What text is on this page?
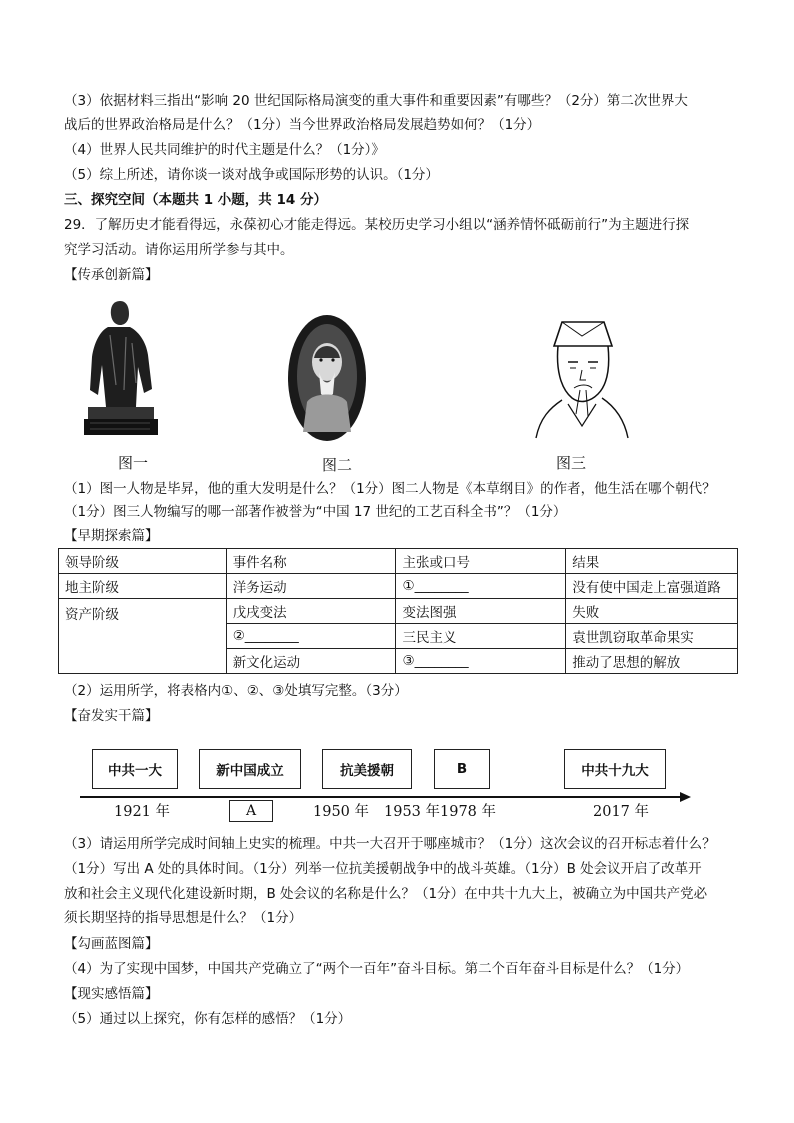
（3）依据材料三指出“影响 20 世纪国际格局演变的重大事件和重要因素”有哪些？（2分）第二次世界大
战后的世界政治格局是什么？（1分）当今世界政治格局发展趋势如何？（1分）
（4）世界人民共同维护的时代主题是什么？（1分）》
（5）综上所述，请你谈一谈对战争或国际形势的认识。（1分）
三、探究空间（本题共 1 小题，共 14 分）
29．了解历史才能看得远，永葆初心才能走得远。某校历史学习小组以“涵养情怀砥砺前行”为主题进行探
究学习活动。请你运用所学参与其中。
【传承创新篇】
图一	图二	图三
（1）图一人物是毕昇，他的重大发明是什么？（1分）图二人物是《本草纲目》的作者，他生活在哪个朝代？
（1分）图三人物编写的哪一部著作被誉为“中国 17 世纪的工艺百科全书”？（1分）
【早期探索篇】
领导阶级	事件名称	主张或口号	结果
地主阶级	洋务运动	①________	没有使中国走上富强道路
资产阶级	戊戌变法	变法图强	失败
	②________	三民主义	袁世凯窃取革命果实
	新文化运动	③________	推动了思想的解放
（2）运用所学，将表格内①、②、③处填写完整。（3分）
【奋发实干篇】
中共一大	新中国成立	抗美援朝	B	中共十九大
A
1921 年	1950 年 1953 年 1978 年	2017 年
（3）请运用所学完成时间轴上史实的梳理。中共一大召开于哪座城市？（1分）这次会议的召开标志着什么？
（1分）写出 A 处的具体时间。（1分）列举一位抗美援朝战争中的战斗英雄。（1分）B 处会议开启了改革开
放和社会主义现代化建设新时期，B 处会议的名称是什么？（1分）在中共十九大上，被确立为中国共产党必
须长期坚持的指导思想是什么？（1分）
【勾画蓝图篇】
（4）为了实现中国梦，中国共产党确立了“两个一百年”奋斗目标。第二个百年奋斗目标是什么？（1分）
【现实感悟篇】
（5）通过以上探究，你有怎样的感悟？（1分）
